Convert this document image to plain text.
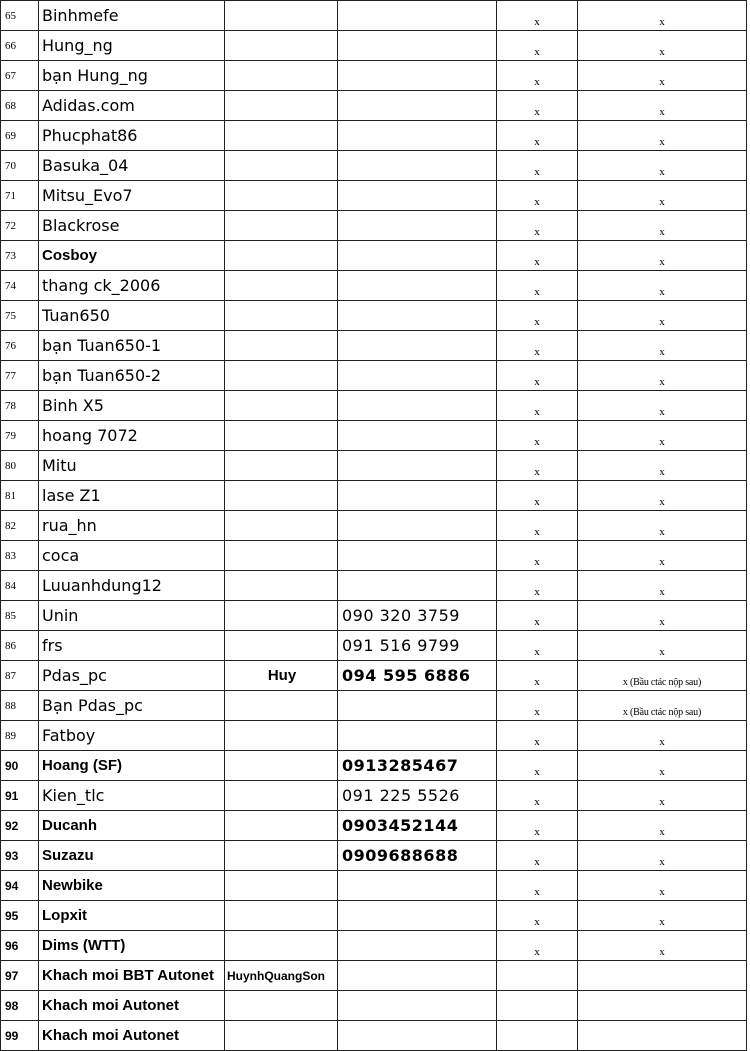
65	Binhmefe			x	x
66	Hung_ng			x	x
67	bạn Hung_ng			x	x
68	Adidas.com			x	x
69	Phucphat86			x	x
70	Basuka_04			x	x
71	Mitsu_Evo7			x	x
72	Blackrose			x	x
73	Cosboy			x	x
74	thang ck_2006			x	x
75	Tuan650			x	x
76	bạn Tuan650-1			x	x
77	bạn Tuan650-2			x	x
78	Binh X5			x	x
79	hoang 7072			x	x
80	Mitu			x	x
81	lase Z1			x	x
82	rua_hn			x	x
83	coca			x	x
84	Luuanhdung12			x	x
85	Unin		090 320 3759	x	x
86	frs		091 516 9799	x	x
87	Pdas_pc	Huy	094 595 6886	x	x (Bầu ctác nộp sau)
88	Bạn Pdas_pc			x	x (Bầu ctác nộp sau)
89	Fatboy			x	x
90	Hoang (SF)		0913285467	x	x
91	Kien_tlc		091 225 5526	x	x
92	Ducanh		0903452144	x	x
93	Suzazu		0909688688	x	x
94	Newbike			x	x
95	Lopxit			x	x
96	Dims (WTT)			x	x
97	Khach moi BBT Autonet	HuynhQuangSon			
98	Khach moi Autonet				
99	Khach moi Autonet				
